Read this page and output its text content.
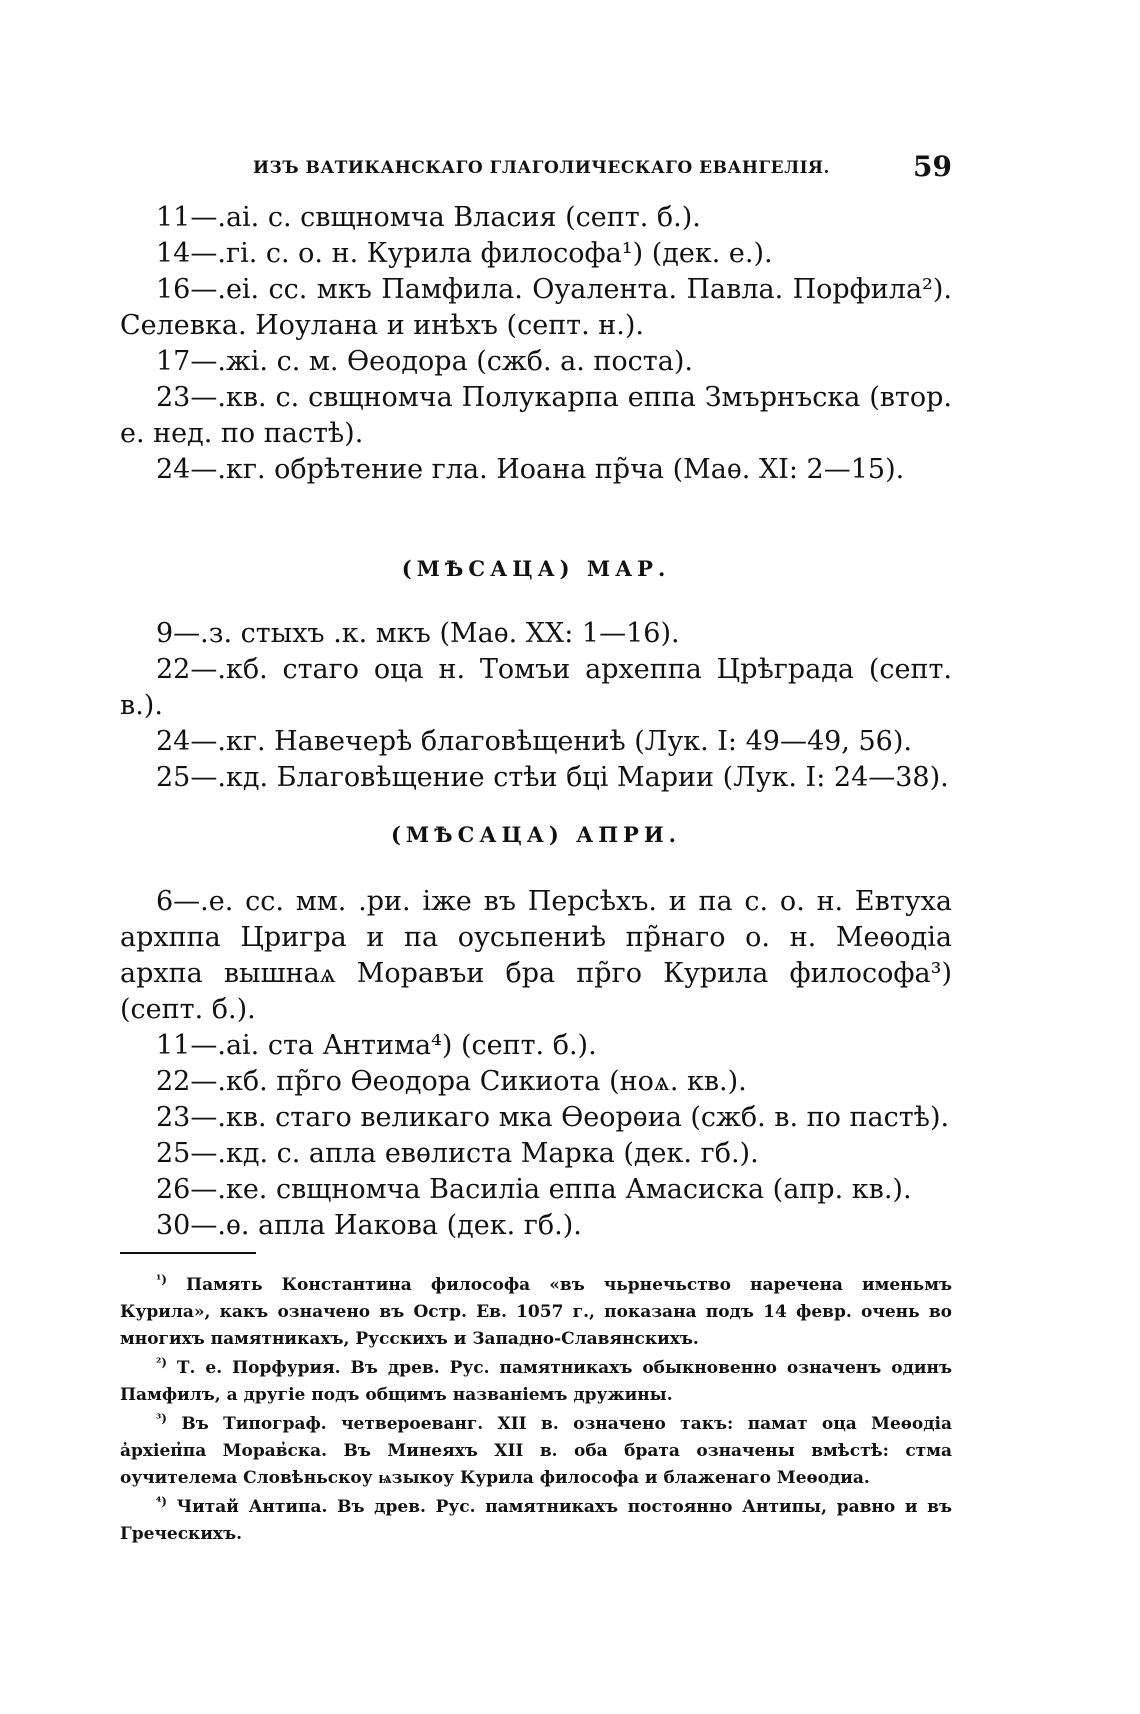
ИЗЪ ВАТИКАНСКАГО ГЛАГОЛИЧЕСКАГО ЕВАНГЕЛІЯ.	59

11—.аі. с. свщномча Власия (септ. б.).

14—.гі. с. о. н. Курила философа¹) (дек. е.).

16—.еі. сс. мкъ Памфила. Оуалента. Павла. Порфила²). Селевка. Иоулана и инѣхъ (септ. н.).

17—.жі. с. м. Ѳеодора (сжб. а. поста).

23—.кв. с. свщномча Полукарпа еппа Змърнъска (втор. е. нед. по пастѣ).

24—.кг. обрѣтение гла. Иоана пр̃ча (Маѳ. XI: 2—15).

(МѢСАЦА) МАР.

9—.з. стыхъ .к. мкъ (Маѳ. XX: 1—16).

22—.кб. стаго оца н. Томъи археппа Црѣграда (септ. в.).

24—.кг. Навечерѣ благовѣщениѣ (Лук. I: 49—49, 56).

25—.кд. Благовѣщение стѣи бці Марии (Лук. I: 24—38).

(МѢСАЦА) АПРИ.

6—.е. сс. мм. .ри. іже въ Персѣхъ. и па с. о. н. Евтуха архппа Цригра и па оусьпениѣ пр̃наго о. н. Меѳодіа архпа вышнаѧ Моравъи бра пр̃го Курила философа³) (септ. б.).

11—.аі. ста Антима⁴) (септ. б.).

22—.кб. пр̃го Ѳеодора Сикиота (ноѧ. кв.).

23—.кв. стаго великаго мка Ѳеорѳиа (сжб. в. по пастѣ).

25—.кд. с. апла евѳлиста Марка (дек. гб.).

26—.ке. свщномча Василіа еппа Амасиска (апр. кв.).

30—.ѳ. апла Иакова (дек. гб.).

$^{^1)}$ Память Константина философа «въ чьрнечьство наречена именьмъ Курила», какъ означено въ Остр. Ев. 1057 г., показана подъ 14 февр. очень во многихъ памятникахъ, Русскихъ и Западно-Славянскихъ.

$^{^2)}$ Т. е. Порфурия. Въ древ. Рус. памятникахъ обыкновенно означенъ одинъ Памфилъ, а другіе подъ общимъ названіемъ дружины.

$^{^3)}$ Въ Типограф. четвероеванг. XII в. означено такъ: памат оца Меѳодіа а̓рхіеп̓па Морав̓ска. Въ Минеяхъ XII в. оба брата означены вмѣстѣ: стма оучителема Словѣньскоу ѩзыкоу Курила философа и блаженаго Меѳодиа.

$^{^4)}$ Читай Антипа. Въ древ. Рус. памятникахъ постоянно Антипы, равно и въ Греческихъ.
